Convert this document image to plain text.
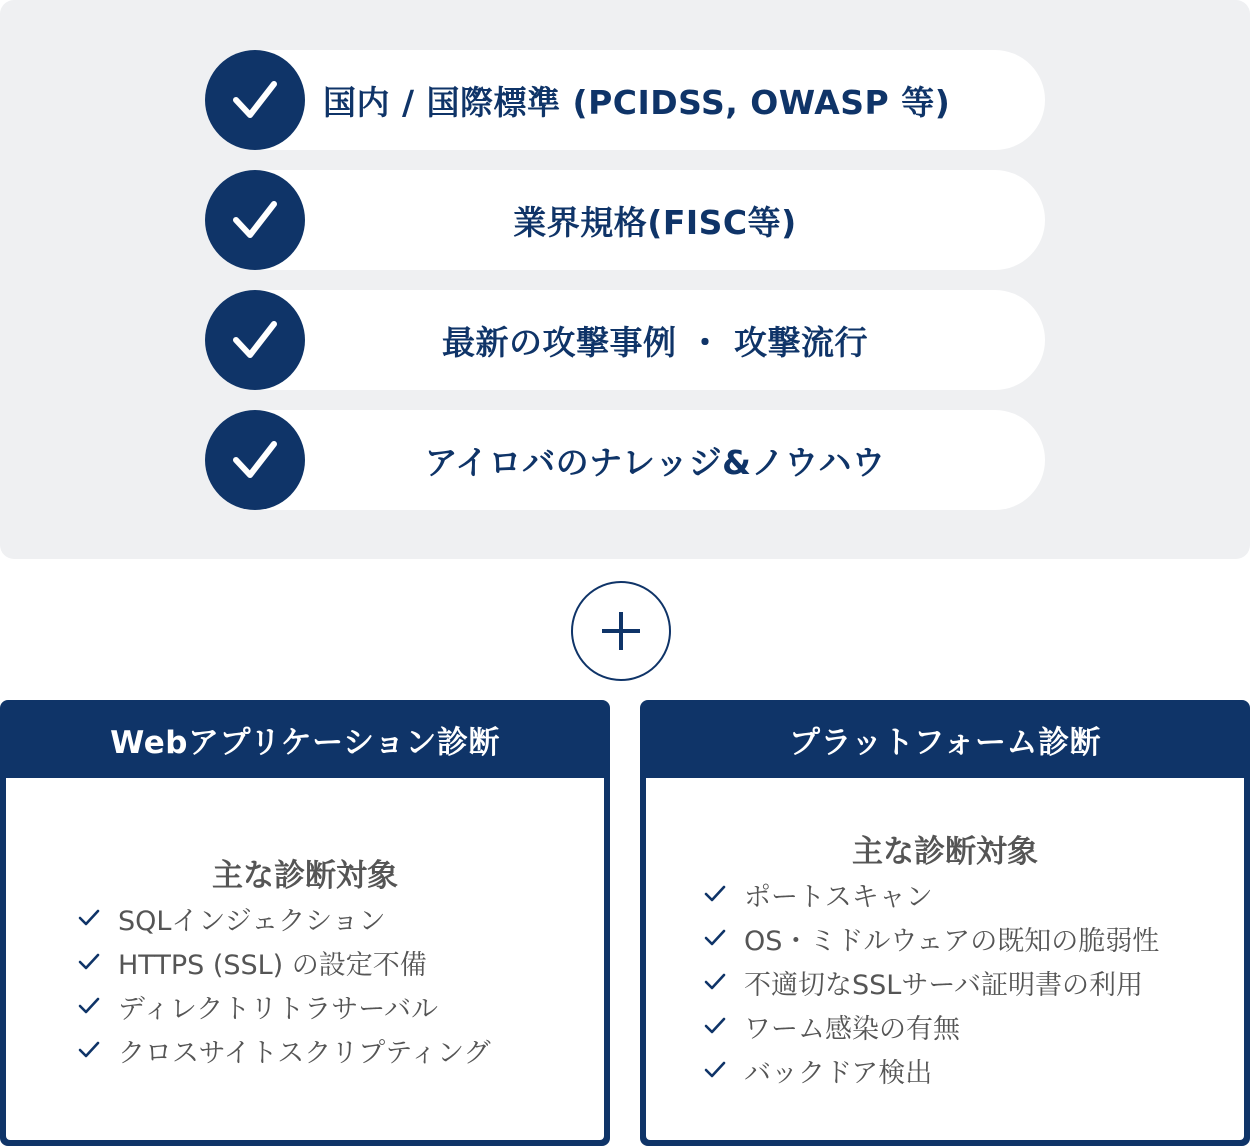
国内 / 国際標準 (PCIDSS, OWASP 等)
業界規格(FISC等)
最新の攻撃事例 ・ 攻撃流行
アイロバのナレッジ&ノウハウ
Webアプリケーション診断
主な診断対象
SQLインジェクション
HTTPS (SSL) の設定不備
ディレクトリトラサーバル
クロスサイトスクリプティング
プラットフォーム診断
主な診断対象
ポートスキャン
OS・ミドルウェアの既知の脆弱性
不適切なSSLサーバ証明書の利用
ワーム感染の有無
バックドア検出
